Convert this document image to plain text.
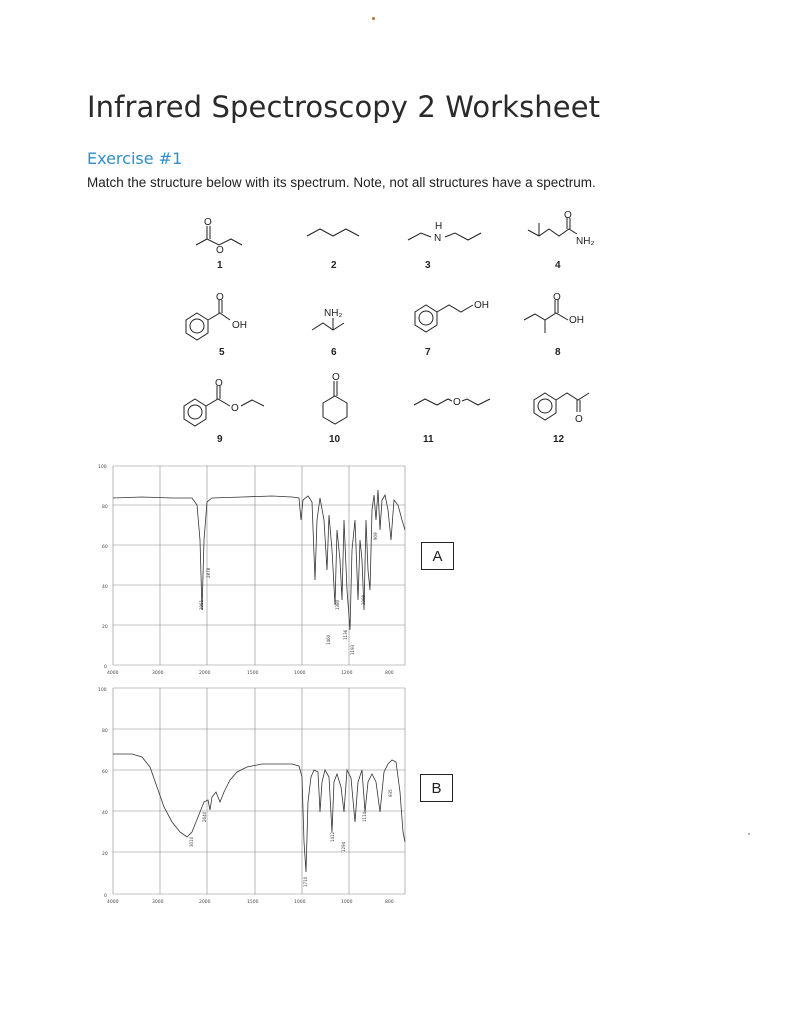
Infrared Spectroscopy 2 Worksheet
Exercise #1
Match the structure below with its spectrum. Note, not all structures have a spectrum.
O
O
H
N
O
NH₂
O
OH
NH₂
OH
O
OH
O
O
O
O
O
1	2	3	4
5	6	7	8
9	10	11	12
100
80
60
40
20
0
4000	3000	2000	1500	1000	1200	800
2961
2878
1460
1380
1136
1193
1090
909
A
100
80
60
40
20
0
4000	3000	2000	1500	1000	1000	800
3010
2640
1710
1412
1294
1114
935	B
